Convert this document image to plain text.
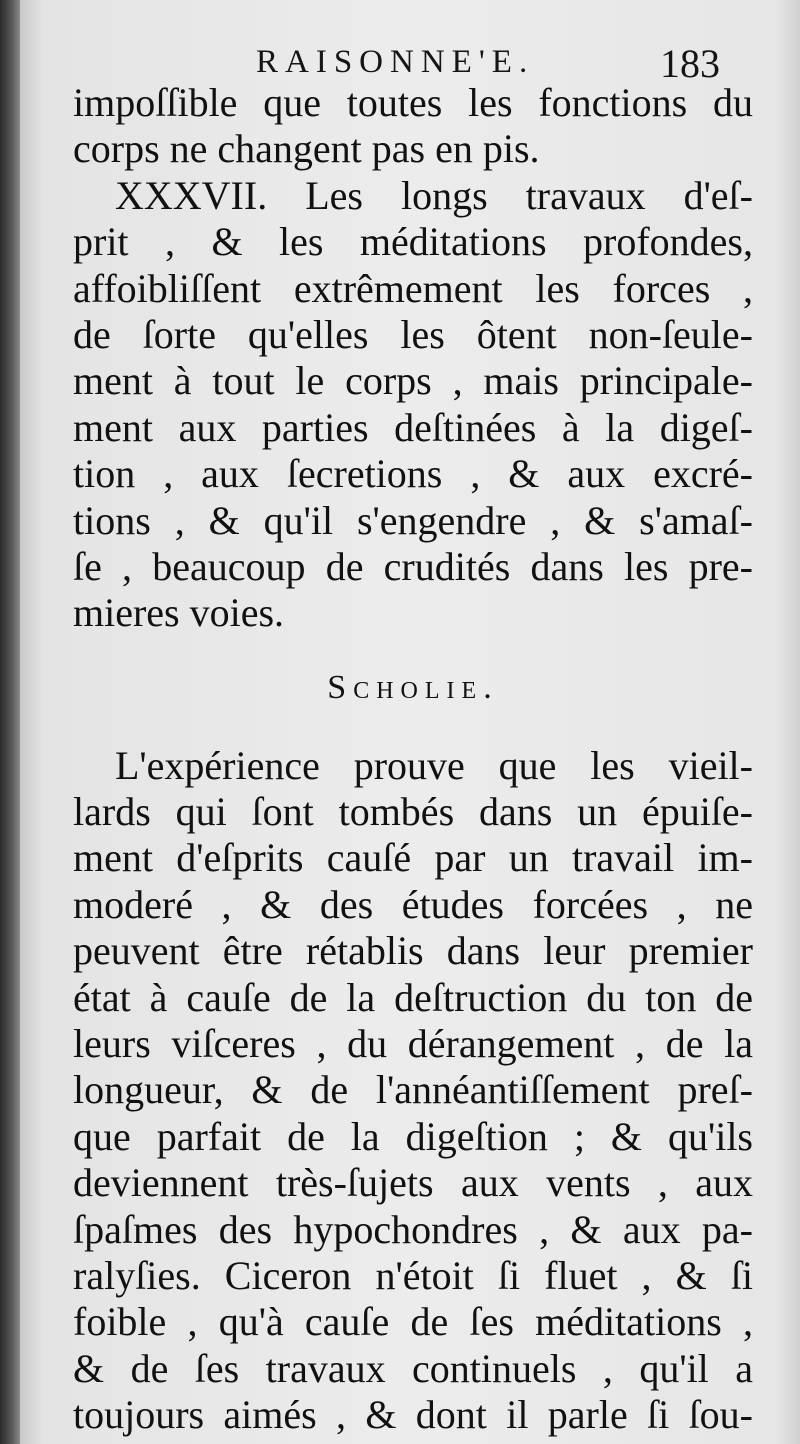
RAISONNE'E.	183
impoſſible que toutes les fonctions du
corps ne changent pas en pis.
XXXVII. Les longs travaux d'eſ-
prit , & les méditations profondes,
affoibliſſent extrêmement les forces ,
de ſorte qu'elles les ôtent non-ſeule-
ment à tout le corps , mais principale-
ment aux parties deſtinées à la digeſ-
tion , aux ſecretions , & aux excré-
tions , & qu'il s'engendre , & s'amaſ-
ſe , beaucoup de crudités dans les pre-
mieres voies.
Scholie.
L'expérience prouve que les vieil-
lards qui ſont tombés dans un épuiſe-
ment d'eſprits cauſé par un travail im-
moderé , & des études forcées , ne
peuvent être rétablis dans leur premier
état à cauſe de la deſtruction du ton de
leurs viſceres , du dérangement , de la
longueur, & de l'annéantiſſement preſ-
que parfait de la digeſtion ; & qu'ils
deviennent très-ſujets aux vents , aux
ſpaſmes des hypochondres , & aux pa-
ralyſies. Ciceron n'étoit ſi fluet , & ſi
foible , qu'à cauſe de ſes méditations ,
& de ſes travaux continuels , qu'il a
toujours aimés , & dont il parle ſi ſou-
